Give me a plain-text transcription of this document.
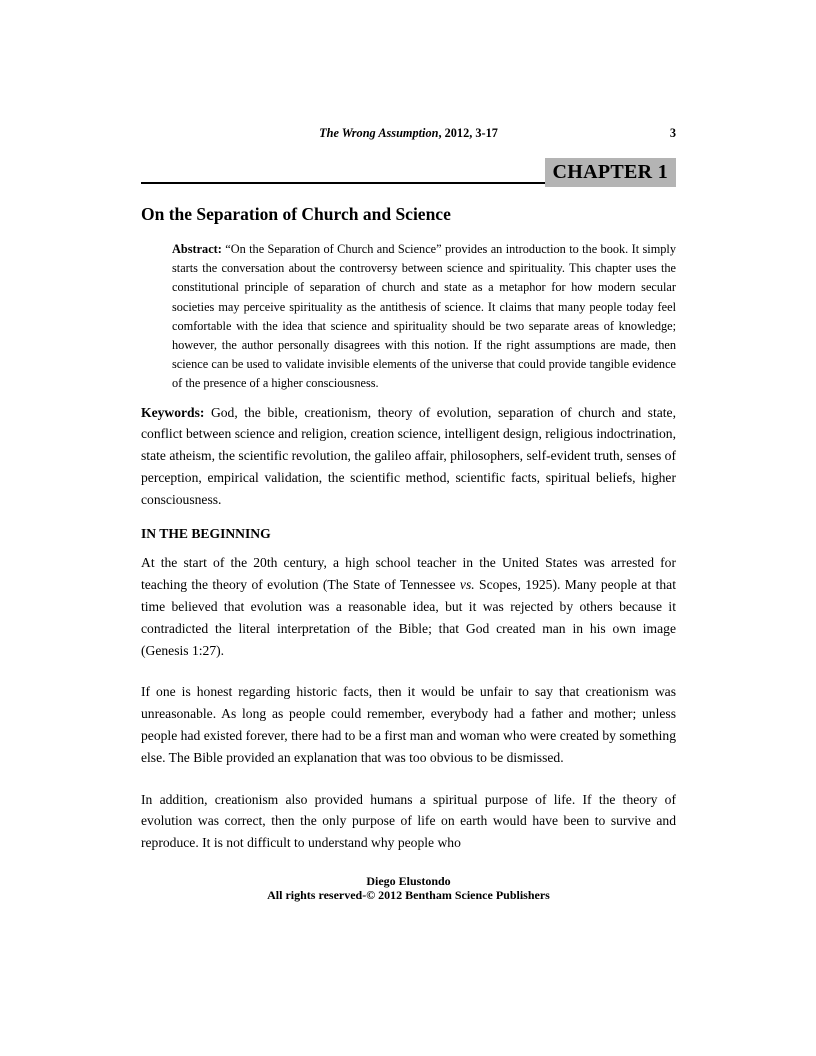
The Wrong Assumption, 2012, 3-17	3
CHAPTER 1
On the Separation of Church and Science

Abstract: “On the Separation of Church and Science” provides an introduction to the book. It simply starts the conversation about the controversy between science and spirituality. This chapter uses the constitutional principle of separation of church and state as a metaphor for how modern secular societies may perceive spirituality as the antithesis of science. It claims that many people today feel comfortable with the idea that science and spirituality should be two separate areas of knowledge; however, the author personally disagrees with this notion. If the right assumptions are made, then science can be used to validate invisible elements of the universe that could provide tangible evidence of the presence of a higher consciousness.

Keywords: God, the bible, creationism, theory of evolution, separation of church and state, conflict between science and religion, creation science, intelligent design, religious indoctrination, state atheism, the scientific revolution, the galileo affair, philosophers, self-evident truth, senses of perception, empirical validation, the scientific method, scientific facts, spiritual beliefs, higher consciousness.

IN THE BEGINNING

At the start of the 20th century, a high school teacher in the United States was arrested for teaching the theory of evolution (The State of Tennessee vs. Scopes, 1925). Many people at that time believed that evolution was a reasonable idea, but it was rejected by others because it contradicted the literal interpretation of the Bible; that God created man in his own image (Genesis 1:27).

If one is honest regarding historic facts, then it would be unfair to say that creationism was unreasonable. As long as people could remember, everybody had a father and mother; unless people had existed forever, there had to be a first man and woman who were created by something else. The Bible provided an explanation that was too obvious to be dismissed.

In addition, creationism also provided humans a spiritual purpose of life. If the theory of evolution was correct, then the only purpose of life on earth would have been to survive and reproduce. It is not difficult to understand why people who

Diego Elustondo
All rights reserved-© 2012 Bentham Science Publishers
